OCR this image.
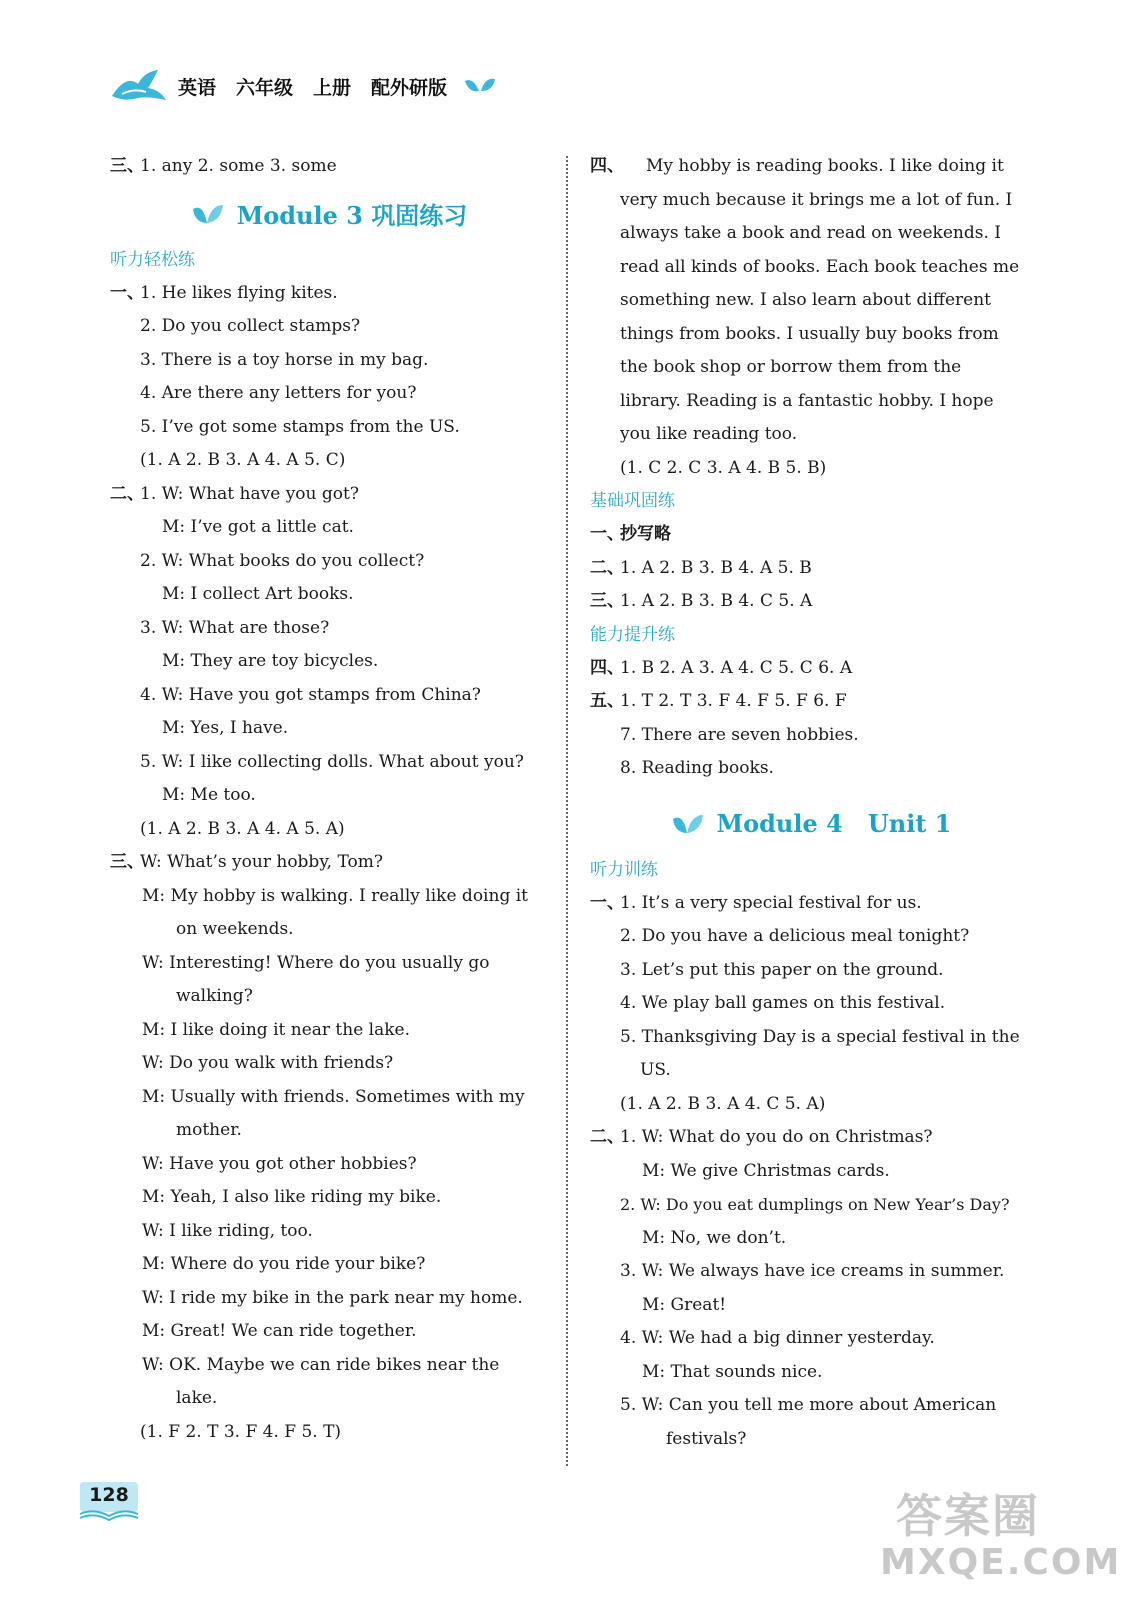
英语 六年级 上册 配外研版
三、
1. any 2. some 3. some
Module 3 巩固练习
听力轻松练
一、
1. He likes flying kites.
2. Do you collect stamps?
3. There is a toy horse in my bag.
4. Are there any letters for you?
5. I’ve got some stamps from the US.
(1. A 2. B 3. A 4. A 5. C)
二、
1. W: What have you got?
M: I’ve got a little cat.
2. W: What books do you collect?
M: I collect Art books.
3. W: What are those?
M: They are toy bicycles.
4. W: Have you got stamps from China?
M: Yes, I have.
5. W: I like collecting dolls. What about you?
M: Me too.
(1. A 2. B 3. A 4. A 5. A)
三、
W: What’s your hobby, Tom?
M: My hobby is walking. I really like doing it
on weekends.
W: Interesting! Where do you usually go
walking?
M: I like doing it near the lake.
W: Do you walk with friends?
M: Usually with friends. Sometimes with my
mother.
W: Have you got other hobbies?
M: Yeah, I also like riding my bike.
W: I like riding, too.
M: Where do you ride your bike?
W: I ride my bike in the park near my home.
M: Great! We can ride together.
W: OK. Maybe we can ride bikes near the
lake.
(1. F 2. T 3. F 4. F 5. T)
四、 My hobby is reading books. I like doing it
very much because it brings me a lot of fun. I
always take a book and read on weekends. I
read all kinds of books. Each book teaches me
something new. I also learn about different
things from books. I usually buy books from
the book shop or borrow them from the
library. Reading is a fantastic hobby. I hope
you like reading too.
(1. C 2. C 3. A 4. B 5. B)
基础巩固练
一、
抄写略
二、
1. A 2. B 3. B 4. A 5. B
三、
1. A 2. B 3. B 4. C 5. A
能力提升练
四、
1. B 2. A 3. A 4. C 5. C 6. A
五、
1. T 2. T 3. F 4. F 5. F 6. F
7. There are seven hobbies.
8. Reading books.
Module 4   Unit 1
听力训练
一、
1. It’s a very special festival for us.
2. Do you have a delicious meal tonight?
3. Let’s put this paper on the ground.
4. We play ball games on this festival.
5. Thanksgiving Day is a special festival in the
US.
(1. A 2. B 3. A 4. C 5. A)
二、
1. W: What do you do on Christmas?
M: We give Christmas cards.
2. W: Do you eat dumplings on New Year’s Day?
M: No, we don’t.
3. W: We always have ice creams in summer.
M: Great!
4. W: We had a big dinner yesterday.
M: That sounds nice.
5. W: Can you tell me more about American
festivals?
128	答案圈
MXQE.COM
